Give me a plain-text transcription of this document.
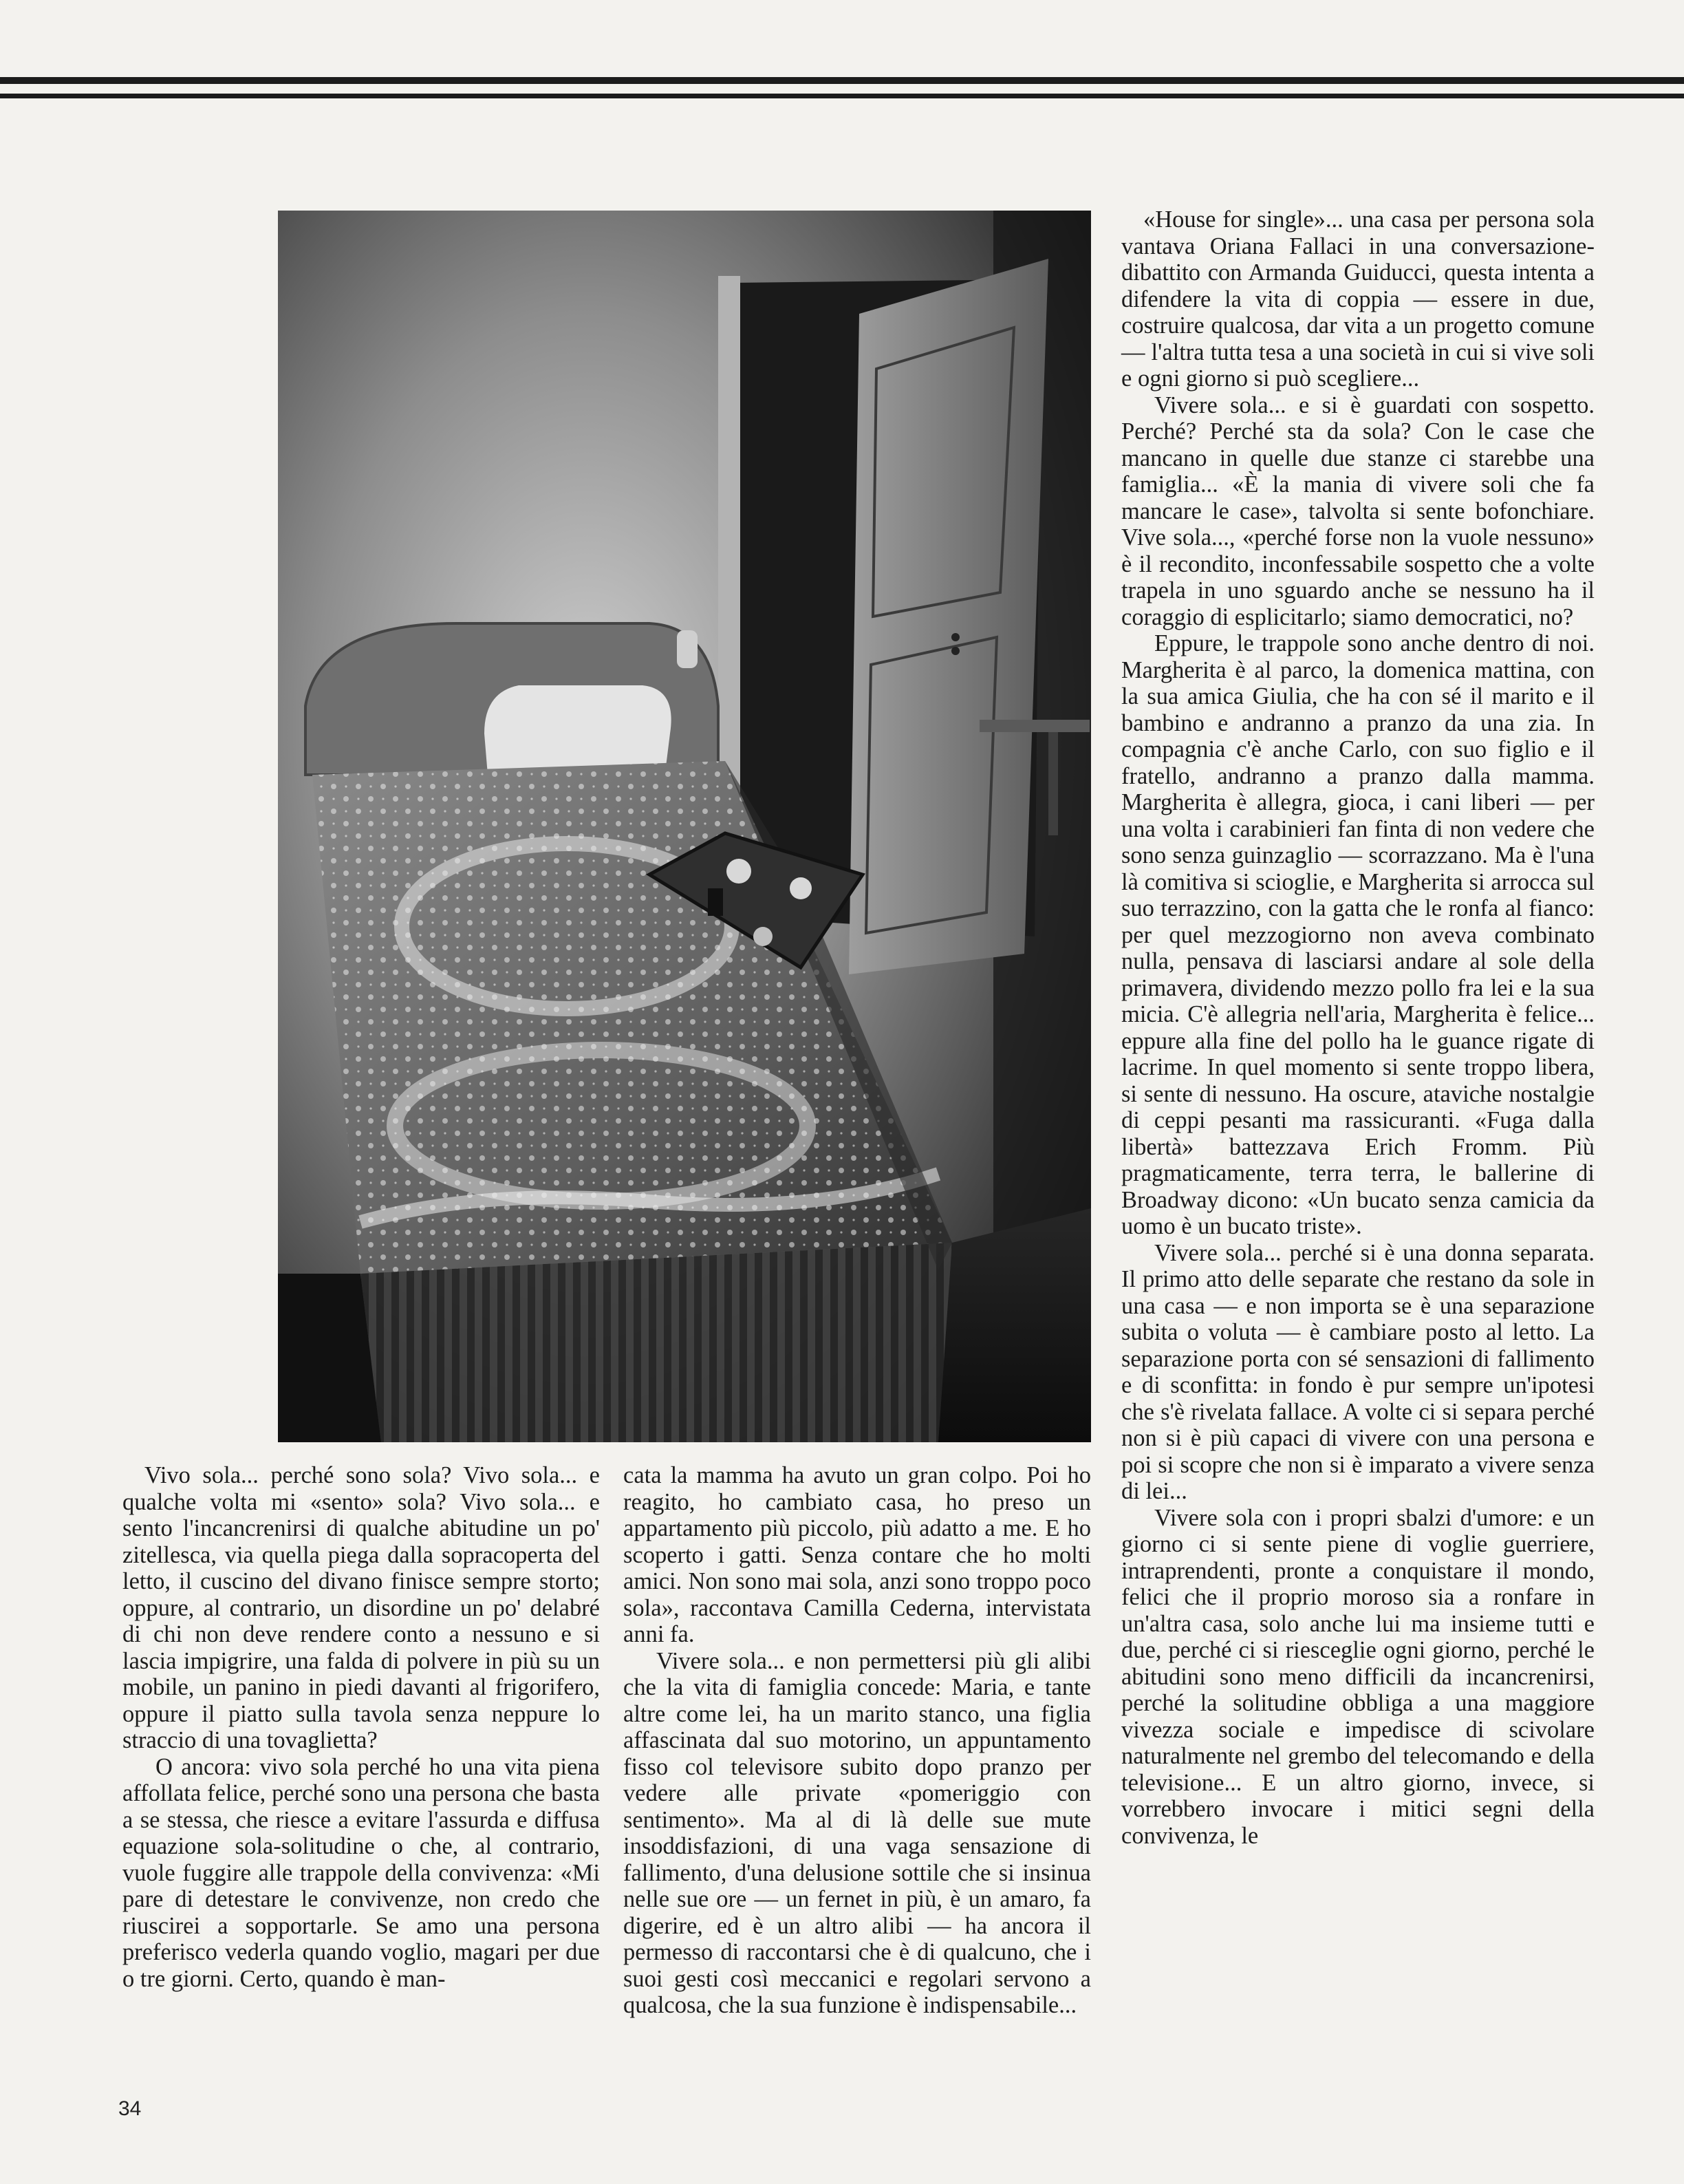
«House for single»... una casa per persona sola vantava Oriana Fallaci in una conversazione-dibattito con Armanda Guiducci, questa intenta a difendere la vita di coppia — essere in due, costruire qualcosa, dar vita a un progetto comune — l'altra tutta tesa a una società in cui si vive soli e ogni giorno si può scegliere...

Vivere sola... e si è guardati con sospetto. Perché? Perché sta da sola? Con le case che mancano in quelle due stanze ci starebbe una famiglia... «È la mania di vivere soli che fa mancare le case», talvolta si sente bofonchiare. Vive sola..., «perché forse non la vuole nessuno» è il recondito, inconfessabile sospetto che a volte trapela in uno sguardo anche se nessuno ha il coraggio di esplicitarlo; siamo democratici, no?

Eppure, le trappole sono anche dentro di noi. Margherita è al parco, la domenica mattina, con la sua amica Giulia, che ha con sé il marito e il bambino e andranno a pranzo da una zia. In compagnia c'è anche Carlo, con suo figlio e il fratello, andranno a pranzo dalla mamma. Margherita è allegra, gioca, i cani liberi — per una volta i carabinieri fan finta di non vedere che sono senza guinzaglio — scorrazzano. Ma è l'una là comitiva si scioglie, e Margherita si arrocca sul suo terrazzino, con la gatta che le ronfa al fianco: per quel mezzogiorno non aveva combinato nulla, pensava di lasciarsi andare al sole della primavera, dividendo mezzo pollo fra lei e la sua micia. C'è allegria nell'aria, Margherita è felice... eppure alla fine del pollo ha le guance rigate di lacrime. In quel momento si sente troppo libera, si sente di nessuno. Ha oscure, ataviche nostalgie di ceppi pesanti ma rassicuranti. «Fuga dalla libertà» battezzava Erich Fromm. Più pragmaticamente, terra terra, le ballerine di Broadway dicono: «Un bucato senza camicia da uomo è un bucato triste».

Vivere sola... perché si è una donna separata. Il primo atto delle separate che restano da sole in una casa — e non importa se è una separazione subita o voluta — è cambiare posto al letto. La separazione porta con sé sensazioni di fallimento e di sconfitta: in fondo è pur sempre un'ipotesi che s'è rivelata fallace. A volte ci si separa perché non si è più capaci di vivere con una persona e poi si scopre che non si è imparato a vivere senza di lei...

Vivere sola con i propri sbalzi d'umore: e un giorno ci si sente piene di voglie guerriere, intraprendenti, pronte a conquistare il mondo, felici che il proprio moroso sia a ronfare in un'altra casa, solo anche lui ma insieme tutti e due, perché ci si riesceglie ogni giorno, perché le abitudini sono meno difficili da incancrenirsi, perché la solitudine obbliga a una maggiore vivezza sociale e impedisce di scivolare naturalmente nel grembo del telecomando e della televisione... E un altro giorno, invece, si vorrebbero invocare i mitici segni della convivenza, le

Vivo sola... perché sono sola? Vivo sola... e qualche volta mi «sento» sola? Vivo sola... e sento l'incancrenirsi di qualche abitudine un po' zitellesca, via quella piega dalla sopracoperta del letto, il cuscino del divano finisce sempre storto; oppure, al contrario, un disordine un po' delabré di chi non deve rendere conto a nessuno e si lascia impigrire, una falda di polvere in più su un mobile, un panino in piedi davanti al frigorifero, oppure il piatto sulla tavola senza neppure lo straccio di una tovaglietta?

O ancora: vivo sola perché ho una vita piena affollata felice, perché sono una persona che basta a se stessa, che riesce a evitare l'assurda e diffusa equazione sola-solitudine o che, al contrario, vuole fuggire alle trappole della convivenza: «Mi pare di detestare le convivenze, non credo che riuscirei a sopportarle. Se amo una persona preferisco vederla quando voglio, magari per due o tre giorni. Certo, quando è man-

cata la mamma ha avuto un gran colpo. Poi ho reagito, ho cambiato casa, ho preso un appartamento più piccolo, più adatto a me. E ho scoperto i gatti. Senza contare che ho molti amici. Non sono mai sola, anzi sono troppo poco sola», raccontava Camilla Cederna, intervistata anni fa.

Vivere sola... e non permettersi più gli alibi che la vita di famiglia concede: Maria, e tante altre come lei, ha un marito stanco, una figlia affascinata dal suo motorino, un appuntamento fisso col televisore subito dopo pranzo per vedere alle private «pomeriggio con sentimento». Ma al di là delle sue mute insoddisfazioni, di una vaga sensazione di fallimento, d'una delusione sottile che si insinua nelle sue ore — un fernet in più, è un amaro, fa digerire, ed è un altro alibi — ha ancora il permesso di raccontarsi che è di qualcuno, che i suoi gesti così meccanici e regolari servono a qualcosa, che la sua funzione è indispensabile...

34
